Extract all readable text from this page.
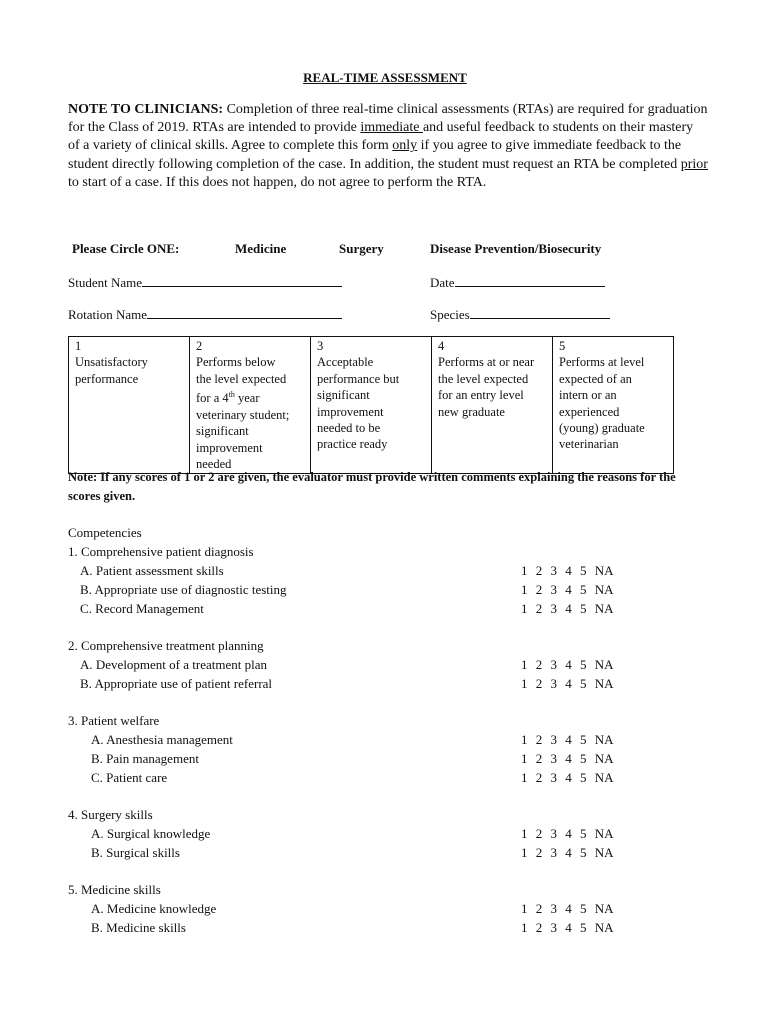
REAL-TIME ASSESSMENT
NOTE TO CLINICIANS: Completion of three real-time clinical assessments (RTAs) are required for graduation for the Class of 2019. RTAs are intended to provide immediate and useful feedback to students on their mastery of a variety of clinical skills. Agree to complete this form only if you agree to give immediate feedback to the student directly following completion of the case. In addition, the student must request an RTA be completed prior to start of a case. If this does not happen, do not agree to perform the RTA.
Please Circle ONE:	Medicine	Surgery	Disease Prevention/Biosecurity
Student Name	Date
Rotation Name	Species
1
Unsatisfactory
performance

2
Performs below
the level expected
for a 4th year
veterinary student;
significant
improvement
needed

3
Acceptable
performance but
significant
improvement
needed to be
practice ready

4
Performs at or near
the level expected
for an entry level
new graduate

5
Performs at level
expected of an
intern or an
experienced
(young) graduate
veterinarian
Note: If any scores of 1 or 2 are given, the evaluator must provide written comments explaining the reasons for the scores given.
Competencies
1. Comprehensive patient diagnosis
A. Patient assessment skills	1 2 3 4 5 NA
B. Appropriate use of diagnostic testing	1 2 3 4 5 NA
C. Record Management	1 2 3 4 5 NA
2. Comprehensive treatment planning
A. Development of a treatment plan	1 2 3 4 5 NA
B. Appropriate use of patient referral	1 2 3 4 5 NA
3. Patient welfare
A. Anesthesia management	1 2 3 4 5 NA
B. Pain management	1 2 3 4 5 NA
C. Patient care	1 2 3 4 5 NA
4. Surgery skills
A. Surgical knowledge	1 2 3 4 5 NA
B. Surgical skills	1 2 3 4 5 NA
5. Medicine skills
A. Medicine knowledge	1 2 3 4 5 NA
B. Medicine skills	1 2 3 4 5 NA
